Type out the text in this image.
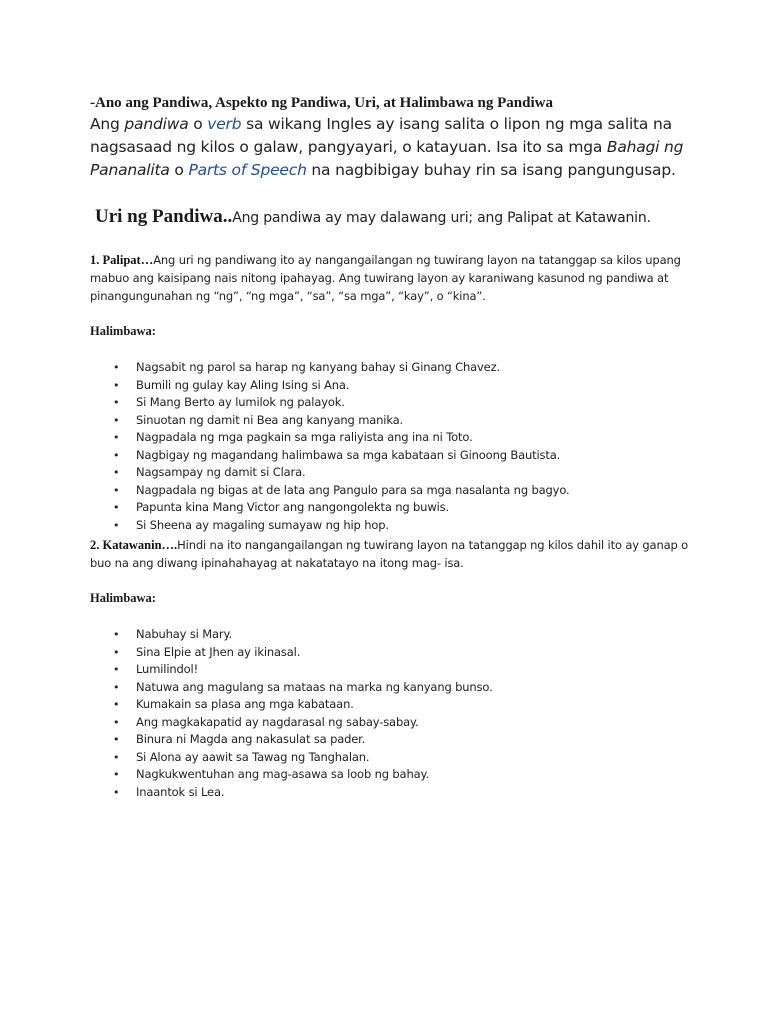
-Ano ang Pandiwa, Aspekto ng Pandiwa, Uri, at Halimbawa ng Pandiwa

Ang pandiwa o verb sa wikang Ingles ay isang salita o lipon ng mga salita na nagsasaad ng kilos o galaw, pangyayari, o katayuan. Isa ito sa mga Bahagi ng Pananalita o Parts of Speech na nagbibigay buhay rin sa isang pangungusap.

Uri ng Pandiwa..Ang pandiwa ay may dalawang uri; ang Palipat at Katawanin.

1. Palipat…Ang uri ng pandiwang ito ay nangangailangan ng tuwirang layon na tatanggap sa kilos upang mabuo ang kaisipang nais nitong ipahayag. Ang tuwirang layon ay karaniwang kasunod ng pandiwa at pinangungunahan ng “ng”, “ng mga”, “sa”, “sa mga”, “kay”, o “kina”.

Halimbawa:
• Nagsabit ng parol sa harap ng kanyang bahay si Ginang Chavez.
• Bumili ng gulay kay Aling Ising si Ana.
• Si Mang Berto ay lumilok ng palayok.
• Sinuotan ng damit ni Bea ang kanyang manika.
• Nagpadala ng mga pagkain sa mga raliyista ang ina ni Toto.
• Nagbigay ng magandang halimbawa sa mga kabataan si Ginoong Bautista.
• Nagsampay ng damit si Clara.
• Nagpadala ng bigas at de lata ang Pangulo para sa mga nasalanta ng bagyo.
• Papunta kina Mang Victor ang nangongolekta ng buwis.
• Si Sheena ay magaling sumayaw ng hip hop.

2. Katawanin….Hindi na ito nangangailangan ng tuwirang layon na tatanggap ng kilos dahil ito ay ganap o buo na ang diwang ipinahahayag at nakatatayo na itong mag- isa.

Halimbawa:
• Nabuhay si Mary.
• Sina Elpie at Jhen ay ikinasal.
• Lumilindol!
• Natuwa ang magulang sa mataas na marka ng kanyang bunso.
• Kumakain sa plasa ang mga kabataan.
• Ang magkakapatid ay nagdarasal ng sabay-sabay.
• Binura ni Magda ang nakasulat sa pader.
• Si Alona ay aawit sa Tawag ng Tanghalan.
• Nagkukwentuhan ang mag-asawa sa loob ng bahay.
• Inaantok si Lea.
